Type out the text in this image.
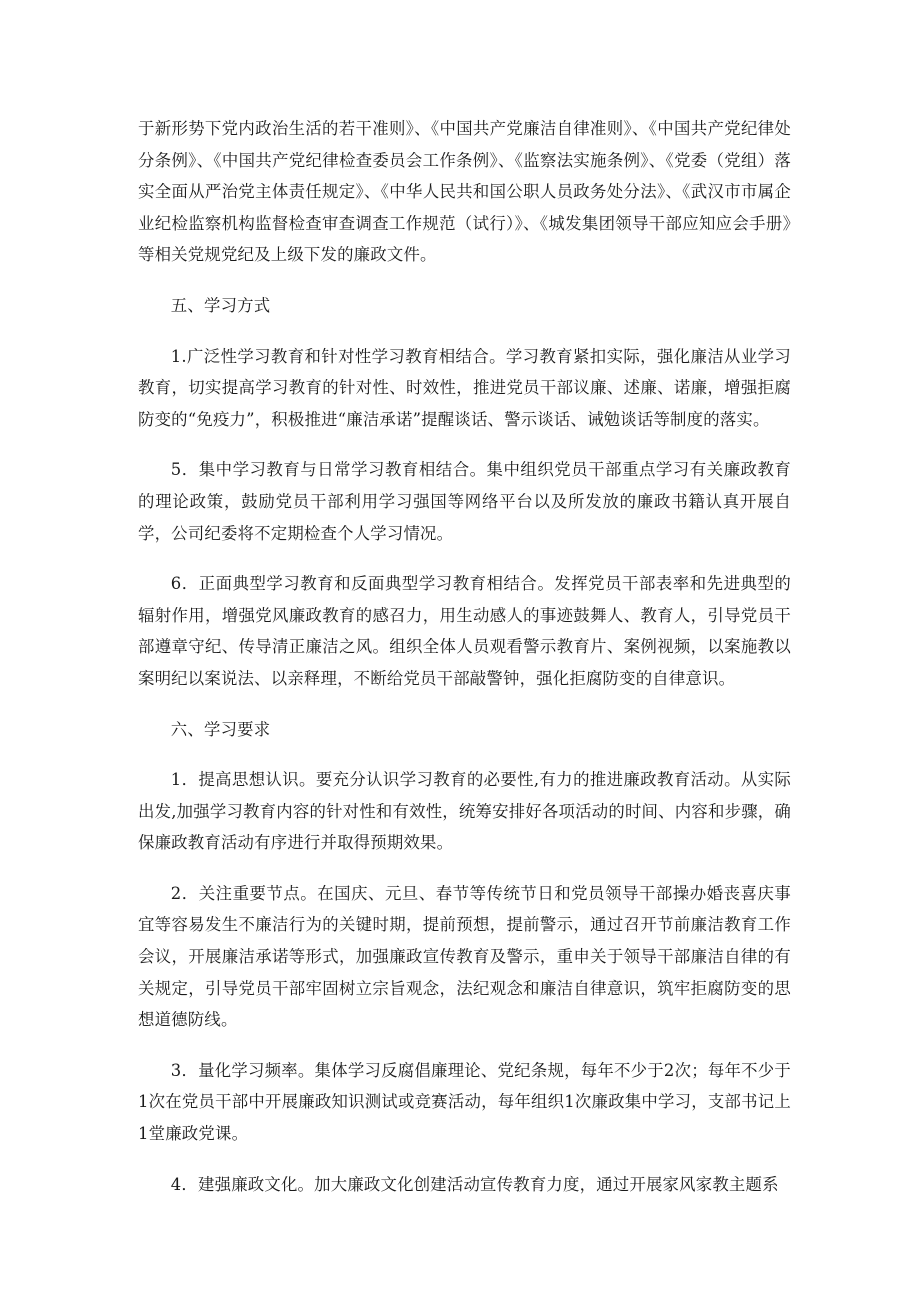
于新形势下党内政治生活的若干准则》、《中国共产党廉洁自律准则》、《中国共产党纪律处分条例》、《中国共产党纪律检查委员会工作条例》、《监察法实施条例》、《党委（党组）落实全面从严治党主体责任规定》、《中华人民共和国公职人员政务处分法》、《武汉市市属企业纪检监察机构监督检查审查调查工作规范（试行）》、《城发集团领导干部应知应会手册》等相关党规党纪及上级下发的廉政文件。

五、学习方式

1.广泛性学习教育和针对性学习教育相结合。学习教育紧扣实际，强化廉洁从业学习教育，切实提高学习教育的针对性、时效性，推进党员干部议廉、述廉、诺廉，增强拒腐防变的“免疫力”，积极推进“廉洁承诺”提醒谈话、警示谈话、诫勉谈话等制度的落实。

5．集中学习教育与日常学习教育相结合。集中组织党员干部重点学习有关廉政教育的理论政策，鼓励党员干部利用学习强国等网络平台以及所发放的廉政书籍认真开展自学，公司纪委将不定期检查个人学习情况。

6．正面典型学习教育和反面典型学习教育相结合。发挥党员干部表率和先进典型的辐射作用，增强党风廉政教育的感召力，用生动感人的事迹鼓舞人、教育人，引导党员干部遵章守纪、传导清正廉洁之风。组织全体人员观看警示教育片、案例视频，以案施教以案明纪以案说法、以亲释理，不断给党员干部敲警钟，强化拒腐防变的自律意识。

六、学习要求

1．提高思想认识。要充分认识学习教育的必要性,有力的推进廉政教育活动。从实际出发,加强学习教育内容的针对性和有效性，统筹安排好各项活动的时间、内容和步骤，确保廉政教育活动有序进行并取得预期效果。

2．关注重要节点。在国庆、元旦、春节等传统节日和党员领导干部操办婚丧喜庆事宜等容易发生不廉洁行为的关键时期，提前预想，提前警示，通过召开节前廉洁教育工作会议，开展廉洁承诺等形式，加强廉政宣传教育及警示，重申关于领导干部廉洁自律的有关规定，引导党员干部牢固树立宗旨观念，法纪观念和廉洁自律意识，筑牢拒腐防变的思想道德防线。

3．量化学习频率。集体学习反腐倡廉理论、党纪条规，每年不少于2次；每年不少于1次在党员干部中开展廉政知识测试或竞赛活动，每年组织1次廉政集中学习，支部书记上1堂廉政党课。

4．建强廉政文化。加大廉政文化创建活动宣传教育力度，通过开展家风家教主题系
